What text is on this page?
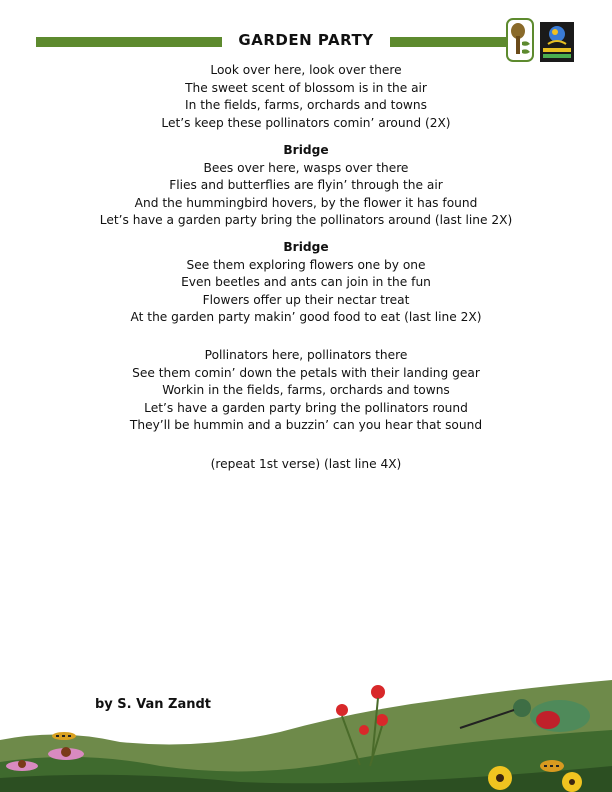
GARDEN PARTY
Look over here, look over there
The sweet scent of blossom is in the air
In the fields, farms, orchards and towns
Let’s keep these pollinators comin’ around (2X)
Bridge
Bees over here, wasps over there
Flies and butterflies are flyin’ through the air
And the hummingbird hovers, by the flower it has found
Let’s have a garden party bring the pollinators around (last line 2X)
Bridge
See them exploring flowers one by one
Even beetles and ants can join in the fun
Flowers offer up their nectar treat
At the garden party makin’ good food to eat (last line 2X)
Pollinators here, pollinators there
See them comin’ down the petals with their landing gear
Workin in the fields, farms, orchards and towns
Let’s have a garden party bring the pollinators round
They’ll be hummin and a buzzin’ can you hear that sound
(repeat 1st verse) (last line 4X)
by S. Van Zandt
